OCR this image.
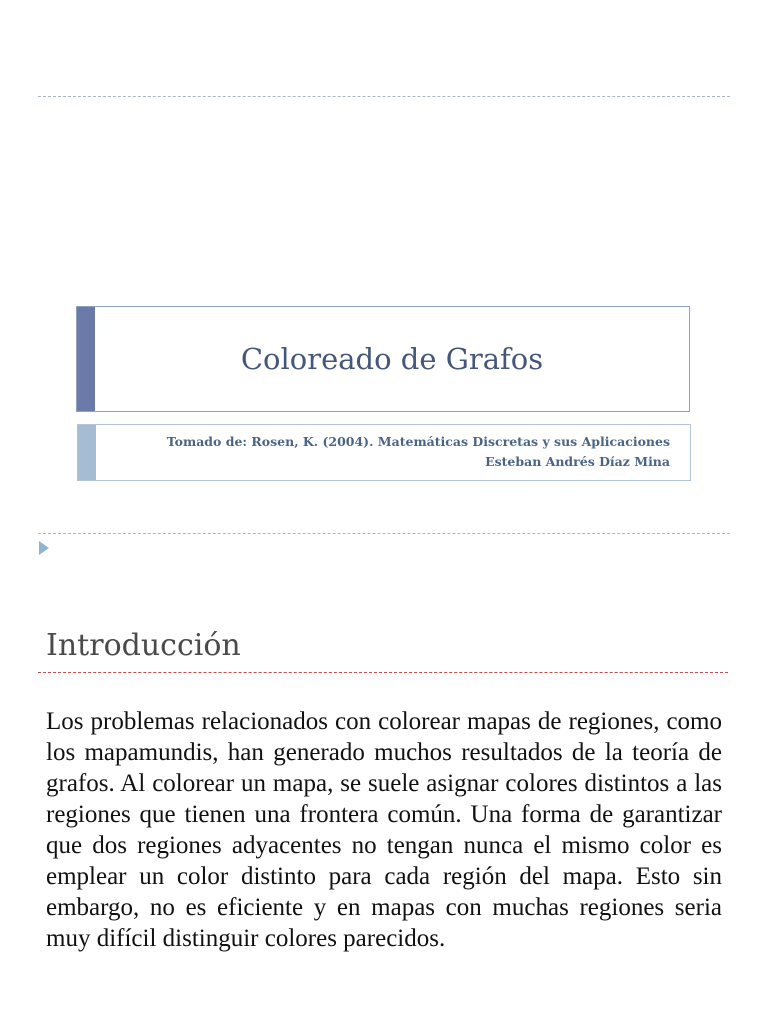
Coloreado de Grafos
Tomado de: Rosen, K. (2004). Matemáticas Discretas y sus Aplicaciones
Esteban Andrés Díaz Mina
Introducción

Los problemas relacionados con colorear mapas de regiones, como los mapamundis, han generado muchos resultados de la teoría de grafos. Al colorear un mapa, se suele asignar colores distintos a las regiones que tienen una frontera común. Una forma de garantizar que dos regiones adyacentes no tengan nunca el mismo color es emplear un color distinto para cada región del mapa. Esto sin embargo, no es eficiente y en mapas con muchas regiones seria muy difícil distinguir colores parecidos.
